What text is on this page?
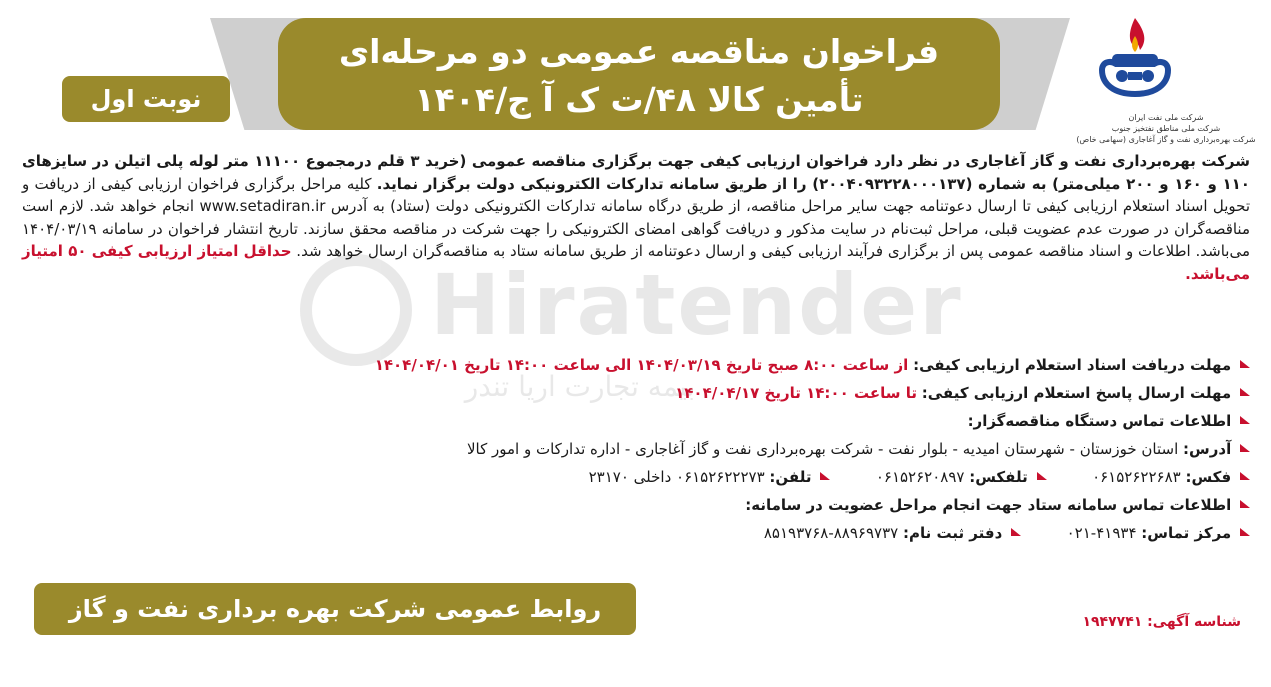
فراخوان مناقصه عمومی دو مرحله‌ای
تأمین کالا ۴۸/ت ک آ ج/۱۴۰۴
نوبت اول
شرکت ملی نفت ایران
شرکت ملی مناطق نفتخیز جنوب
شرکت بهره‌برداری نفت و گاز آغاجاری (سهامی خاص)
Hiratender
بیمه تجارت اریا تندر

شرکت بهره‌برداری نفت و گاز آغاجاری در نظر دارد فراخوان ارزیابی کیفی جهت برگزاری مناقصه عمومی (خرید ۳ قلم درمجموع ۱۱۱۰۰ متر لوله پلی اتیلن در سایزهای ۱۱۰ و ۱۶۰ و ۲۰۰ میلی‌متر) به شماره (۲۰۰۴۰۹۳۲۲۸۰۰۰۱۳۷) را از طریق سامانه تدارکات الکترونیکی دولت برگزار نماید. کلیه مراحل برگزاری فراخوان ارزیابی کیفی از دریافت و تحویل اسناد استعلام ارزیابی کیفی تا ارسال دعوتنامه جهت سایر مراحل مناقصه، از طریق درگاه سامانه تدارکات الکترونیکی دولت (ستاد) به آدرس www.setadiran.ir انجام خواهد شد. لازم است مناقصه‌گران در صورت عدم عضویت قبلی، مراحل ثبت‌نام در سایت مذکور و دریافت گواهی امضای الکترونیکی را جهت شرکت در مناقصه محقق سازند. تاریخ انتشار فراخوان در سامانه ۱۴۰۴/۰۳/۱۹ می‌باشد. اطلاعات و اسناد مناقصه عمومی پس از برگزاری فرآیند ارزیابی کیفی و ارسال دعوتنامه از طریق سامانه ستاد به مناقصه‌گران ارسال خواهد شد. حداقل امتیاز ارزیابی کیفی ۵۰ امتیاز می‌باشد.

مهلت دریافت اسناد استعلام ارزیابی کیفی: از ساعت ۸:۰۰ صبح تاریخ ۱۴۰۴/۰۳/۱۹ الی ساعت ۱۴:۰۰ تاریخ ۱۴۰۴/۰۴/۰۱
مهلت ارسال پاسخ استعلام ارزیابی کیفی: تا ساعت ۱۴:۰۰ تاریخ ۱۴۰۴/۰۴/۱۷
اطلاعات تماس دستگاه مناقصه‌گزار:
آدرس: استان خوزستان - شهرستان امیدیه - بلوار نفت - شرکت بهره‌برداری نفت و گاز آغاجاری - اداره تدارکات و امور کالا
فکس: ۰۶۱۵۲۶۲۲۶۸۳   تلفکس: ۰۶۱۵۲۶۲۰۸۹۷   تلفن: ۰۶۱۵۲۶۲۲۲۷۳ داخلی ۲۳۱۷۰
اطلاعات تماس سامانه ستاد جهت انجام مراحل عضویت در سامانه:
مرکز تماس: ۴۱۹۳۴-۰۲۱   دفتر ثبت نام: ۸۸۹۶۹۷۳۷-۸۵۱۹۳۷۶۸
روابط عمومی شرکت بهره برداری نفت و گاز آغاجاری
شناسه آگهی: ۱۹۴۷۷۴۱
